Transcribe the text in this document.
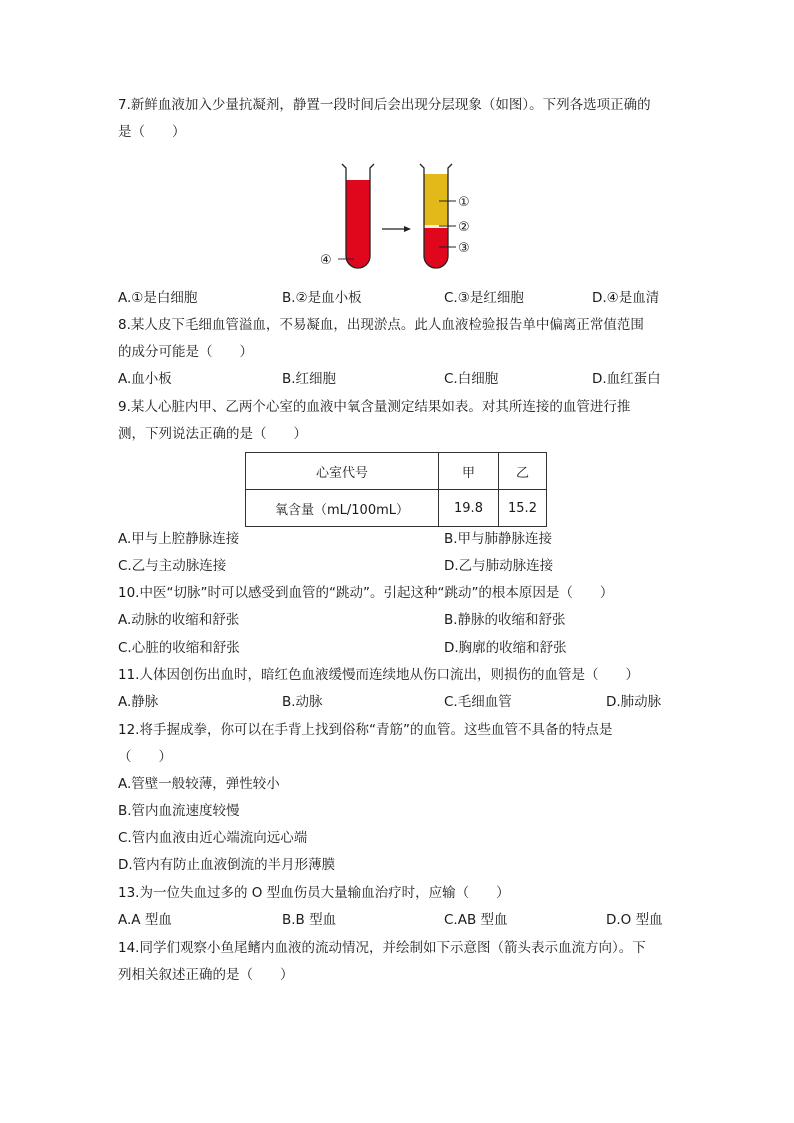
7.新鲜血液加入少量抗凝剂，静置一段时间后会出现分层现象（如图）。下列各选项正确的
是（　　）
①
②
③
④
A.①是白细胞	B.②是血小板	C.③是红细胞	D.④是血清
8.某人皮下毛细血管溢血，不易凝血，出现淤点。此人血液检验报告单中偏离正常值范围
的成分可能是（　　）
A.血小板	B.红细胞	C.白细胞	D.血红蛋白
9.某人心脏内甲、乙两个心室的血液中氧含量测定结果如表。对其所连接的血管进行推
测，下列说法正确的是（　　）
心室代号	甲	乙
氧含量（mL/100mL）	19.8	15.2
A.甲与上腔静脉连接	B.甲与肺静脉连接
C.乙与主动脉连接	D.乙与肺动脉连接
10.中医“切脉”时可以感受到血管的“跳动”。引起这种“跳动”的根本原因是（　　）
A.动脉的收缩和舒张	B.静脉的收缩和舒张
C.心脏的收缩和舒张	D.胸廓的收缩和舒张
11.人体因创伤出血时，暗红色血液缓慢而连续地从伤口流出，则损伤的血管是（　　）
A.静脉	B.动脉	C.毛细血管	D.肺动脉
12.将手握成拳，你可以在手背上找到俗称“青筋”的血管。这些血管不具备的特点是
（　　）
A.管壁一般较薄，弹性较小
B.管内血流速度较慢
C.管内血液由近心端流向远心端
D.管内有防止血液倒流的半月形薄膜
13.为一位失血过多的 O 型血伤员大量输血治疗时，应输（　　）
A.A 型血	B.B 型血	C.AB 型血	D.O 型血
14.同学们观察小鱼尾鳍内血液的流动情况，并绘制如下示意图（箭头表示血流方向）。下
列相关叙述正确的是（　　）
